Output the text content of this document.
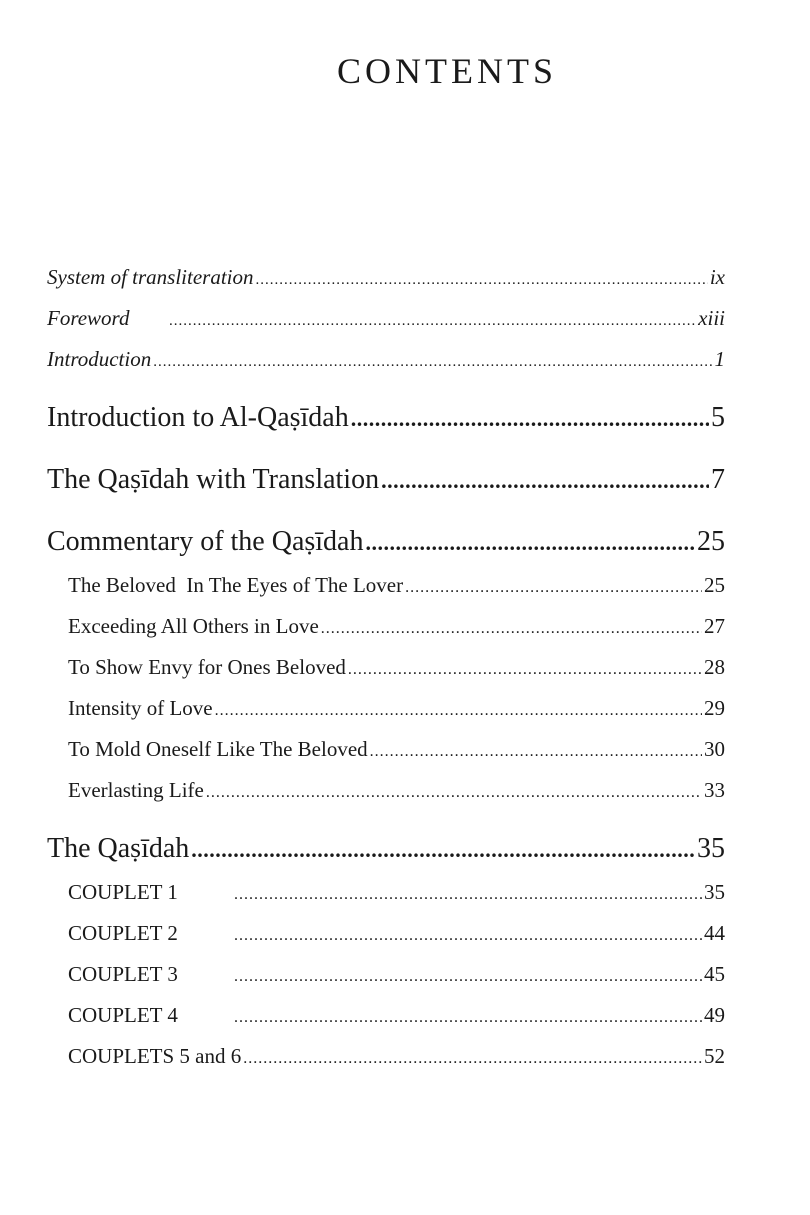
CONTENTS
System of transliteration .....	ix
Foreword .....	xiii
Introduction .....	1
Introduction to Al-Qaṣīdah .....	5
The Qaṣīdah with Translation .....	7
Commentary of the Qaṣīdah .....	25
The Beloved  In The Eyes of The Lover .....	25
Exceeding All Others in Love .....	27
To Show Envy for Ones Beloved .....	28
Intensity of Love .....	29
To Mold Oneself Like The Beloved .....	30
Everlasting Life .....	33
The Qaṣīdah .....	35
COUPLET 1 .....	35
COUPLET 2 .....	44
COUPLET 3 .....	45
COUPLET 4 .....	49
COUPLETS 5 and 6 .....	52
